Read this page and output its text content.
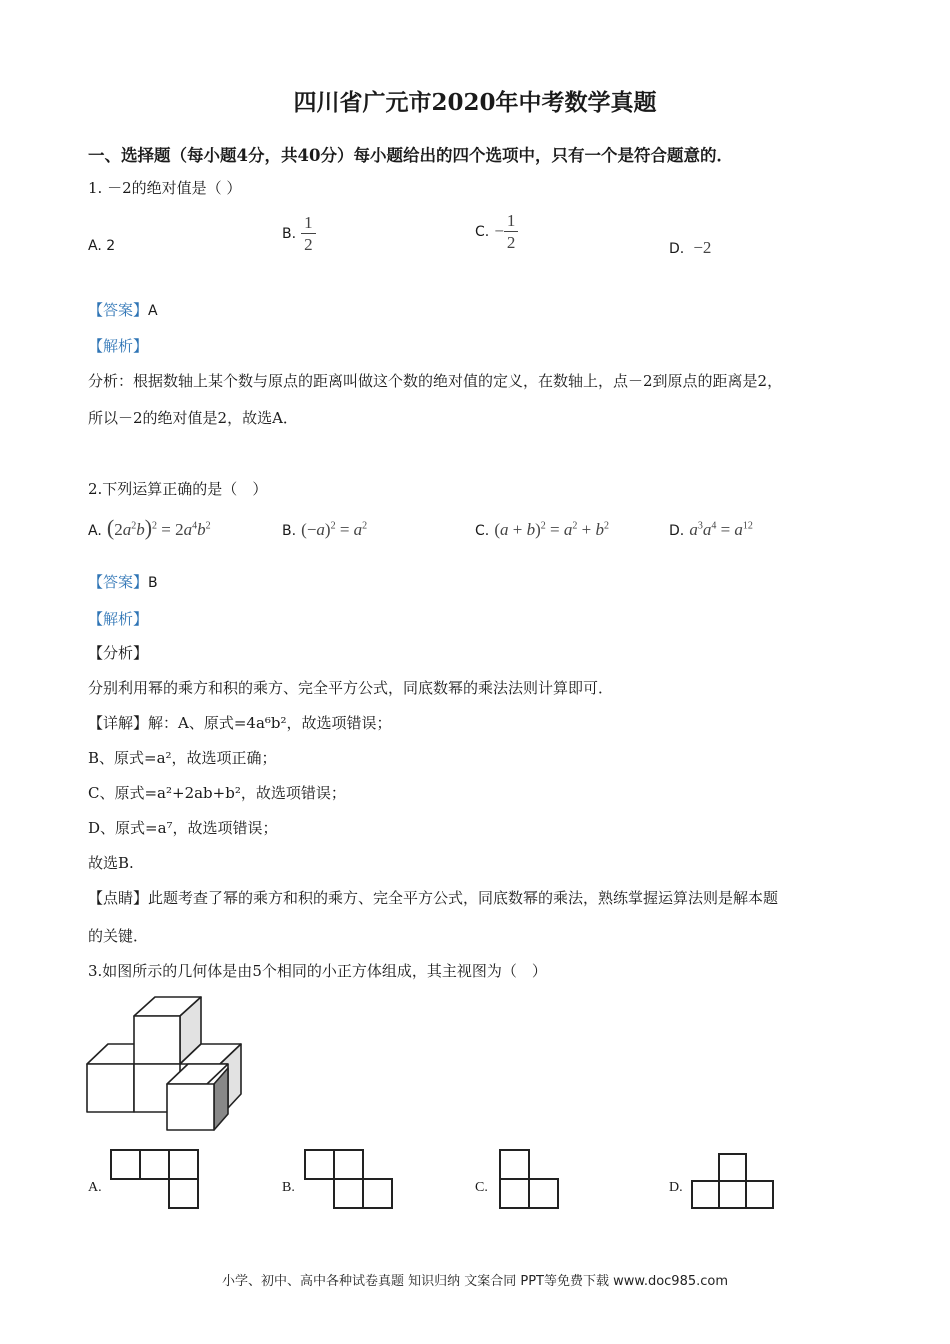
四川省广元市2020年中考数学真题
一、选择题（每小题4分，共40分）每小题给出的四个选项中，只有一个是符合题意的．
1. －2的绝对值是（ ）
A. 2
B. $\frac{1}{2}$	C. − $\frac{1}{2}$	D. −2
【答案】A
【解析】
分析：根据数轴上某个数与原点的距离叫做这个数的绝对值的定义，在数轴上，点－2到原点的距离是2，
所以－2的绝对值是2，故选A．
2.下列运算正确的是（　）
A. $(2a^2b)^2 = 2a^4b^2$	B. $(-a)^2 = a^2$	C. $(a + b)^2 = a^2 + b^2$	D. $a^3a^4 = a^{12}$
【答案】B
【解析】
【分析】
分别利用幂的乘方和积的乘方、完全平方公式，同底数幂的乘法法则计算即可．
【详解】解：A、原式=4a⁶b²，故选项错误；
B、原式=a²，故选项正确；
C、原式=a²+2ab+b²，故选项错误；
D、原式=a⁷，故选项错误；
故选B.
【点睛】此题考查了幂的乘方和积的乘方、完全平方公式，同底数幂的乘法，熟练掌握运算法则是解本题
的关键．
3.如图所示的几何体是由5个相同的小正方体组成，其主视图为（　）
A.	B.	C.	D.
小学、初中、高中各种试卷真题 知识归纳 文案合同 PPT等免费下载 www.doc985.com
